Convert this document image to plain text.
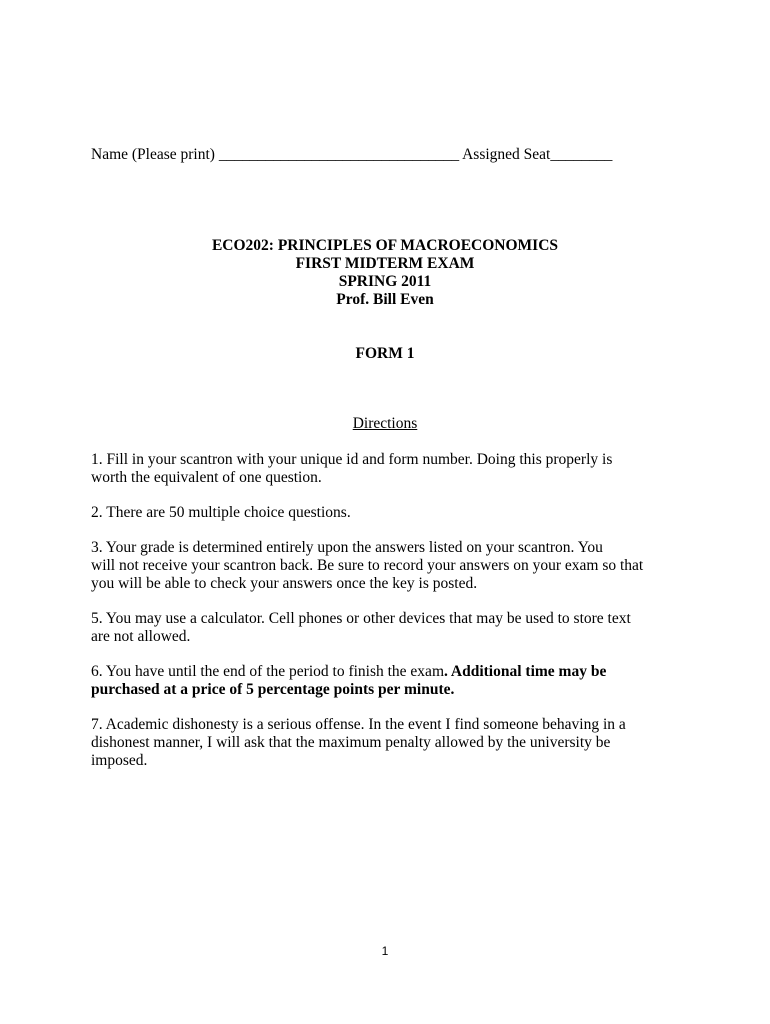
Name (Please print) _______________________________ Assigned Seat________
ECO202: PRINCIPLES OF MACROECONOMICS
FIRST MIDTERM EXAM
SPRING 2011
Prof. Bill Even
FORM 1
Directions
1. Fill in your scantron with your unique id and form number. Doing this properly is
worth the equivalent of one question.
2. There are 50 multiple choice questions.
3. Your grade is determined entirely upon the answers listed on your scantron. You
will not receive your scantron back. Be sure to record your answers on your exam so that
you will be able to check your answers once the key is posted.
5. You may use a calculator. Cell phones or other devices that may be used to store text
are not allowed.
6. You have until the end of the period to finish the exam. Additional time may be
purchased at a price of 5 percentage points per minute.
7. Academic dishonesty is a serious offense. In the event I find someone behaving in a
dishonest manner, I will ask that the maximum penalty allowed by the university be
imposed.
1
